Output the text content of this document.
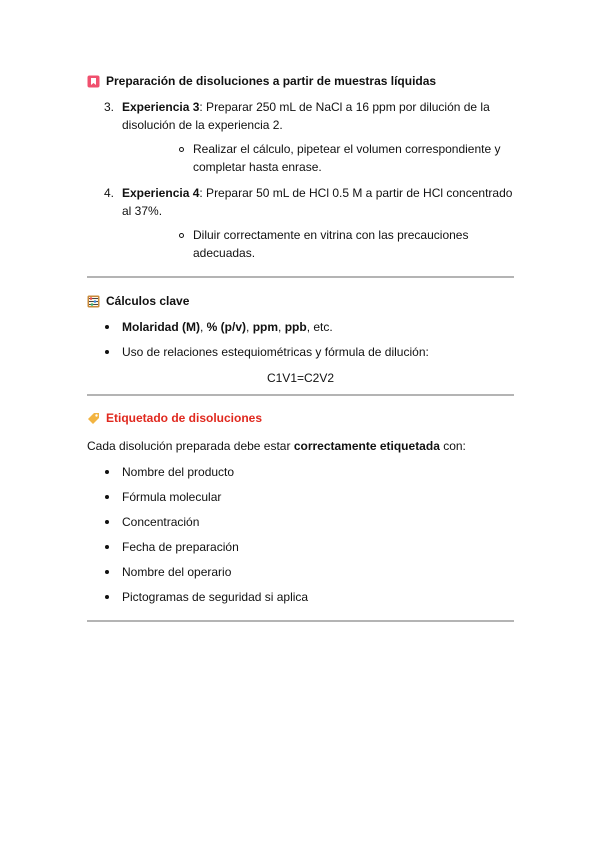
Preparación de disoluciones a partir de muestras líquidas
3. Experiencia 3: Preparar 250 mL de NaCl a 16 ppm por dilución de la disolución de la experiencia 2.
Realizar el cálculo, pipetear el volumen correspondiente y completar hasta enrase.
4. Experiencia 4: Preparar 50 mL de HCl 0.5 M a partir de HCl concentrado al 37%.
Diluir correctamente en vitrina con las precauciones adecuadas.
Cálculos clave
Molaridad (M), % (p/v), ppm, ppb, etc.
Uso de relaciones estequiométricas y fórmula de dilución:
C1V1=C2V2
Etiquetado de disoluciones

Cada disolución preparada debe estar correctamente etiquetada con:

Nombre del producto
Fórmula molecular
Concentración
Fecha de preparación
Nombre del operario
Pictogramas de seguridad si aplica
